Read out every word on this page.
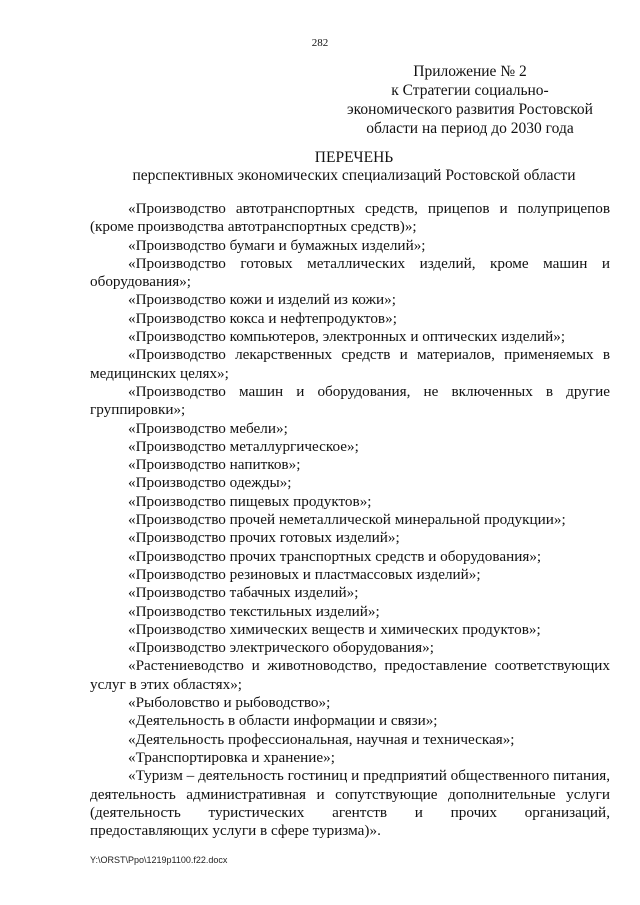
282
Приложение № 2
к Стратегии социально-
экономического развития Ростовской
области на период до 2030 года
ПЕРЕЧЕНЬ
перспективных экономических специализаций Ростовской области

«Производство автотранспортных средств, прицепов и полуприцепов (кроме производства автотранспортных средств)»;

«Производство бумаги и бумажных изделий»;

«Производство готовых металлических изделий, кроме машин и оборудования»;

«Производство кожи и изделий из кожи»;

«Производство кокса и нефтепродуктов»;

«Производство компьютеров, электронных и оптических изделий»;

«Производство лекарственных средств и материалов, применяемых в медицинских целях»;

«Производство машин и оборудования, не включенных в другие группировки»;

«Производство мебели»;

«Производство металлургическое»;

«Производство напитков»;

«Производство одежды»;

«Производство пищевых продуктов»;

«Производство прочей неметаллической минеральной продукции»;

«Производство прочих готовых изделий»;

«Производство прочих транспортных средств и оборудования»;

«Производство резиновых и пластмассовых изделий»;

«Производство табачных изделий»;

«Производство текстильных изделий»;

«Производство химических веществ и химических продуктов»;

«Производство электрического оборудования»;

«Растениеводство и животноводство, предоставление соответствующих услуг в этих областях»;

«Рыболовство и рыбоводство»;

«Деятельность в области информации и связи»;

«Деятельность профессиональная, научная и техническая»;

«Транспортировка и хранение»;

«Туризм – деятельность гостиниц и предприятий общественного питания, деятельность административная и сопутствующие дополнительные услуги (деятельность туристических агентств и прочих организаций, предоставляющих услуги в сфере туризма)».

Y:\ORST\Ppo\1219p1100.f22.docx
